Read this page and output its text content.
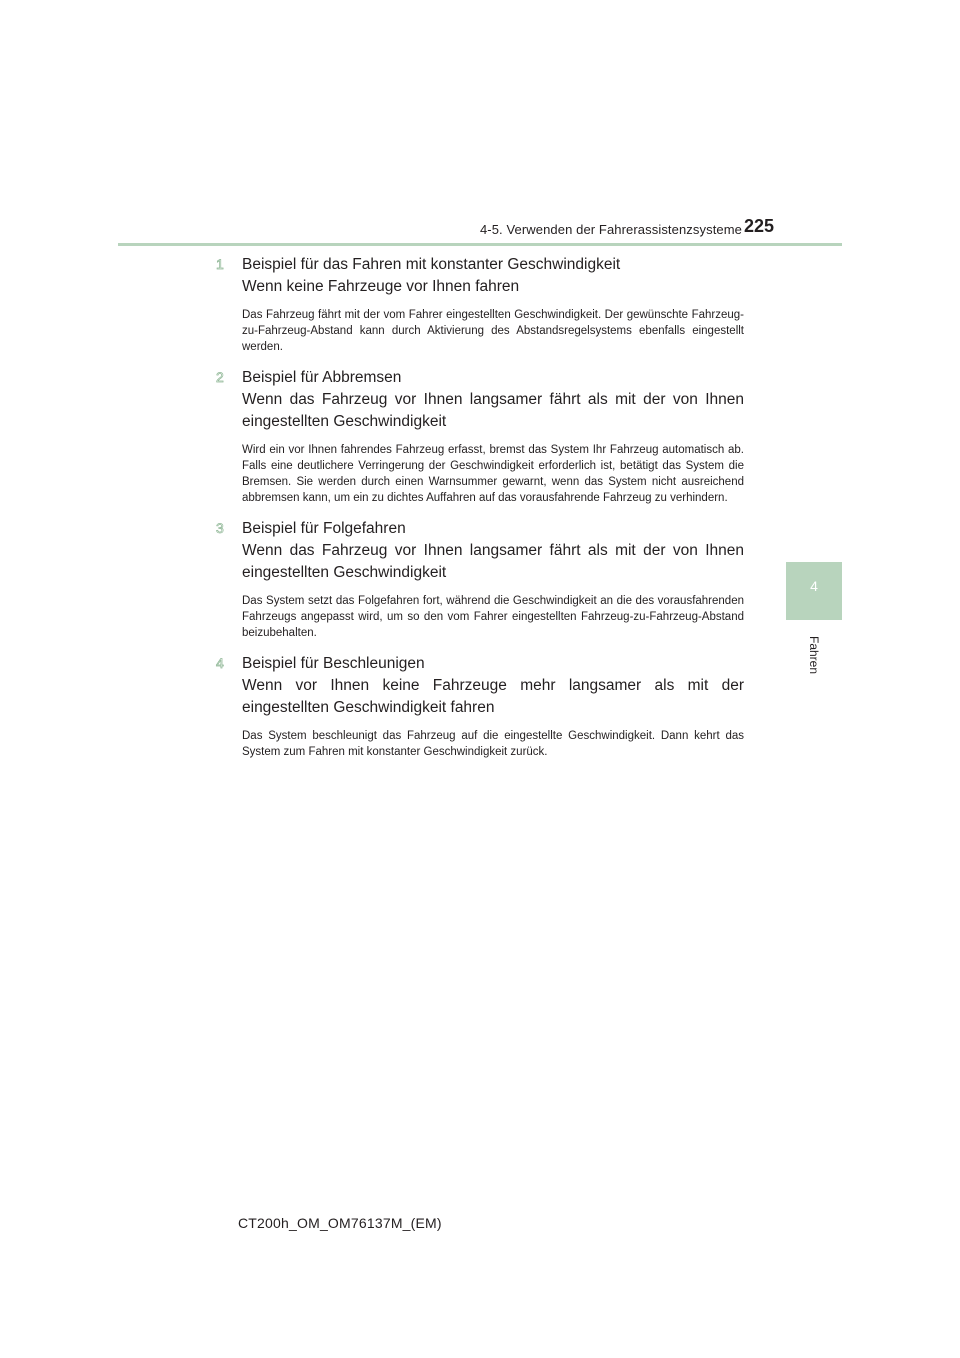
4-5. Verwenden der Fahrerassistenzsysteme 225
4
Fahren
1 Beispiel für das Fahren mit konstanter Geschwindigkeit
Wenn keine Fahrzeuge vor Ihnen fahren

Das Fahrzeug fährt mit der vom Fahrer eingestellten Geschwindigkeit. Der gewünschte Fahrzeug-zu-Fahrzeug-Abstand kann durch Aktivierung des Abstandsregelsystems ebenfalls eingestellt werden.

2 Beispiel für Abbremsen
Wenn das Fahrzeug vor Ihnen langsamer fährt als mit der von Ihnen eingestellten Geschwindigkeit

Wird ein vor Ihnen fahrendes Fahrzeug erfasst, bremst das System Ihr Fahrzeug automatisch ab. Falls eine deutlichere Verringerung der Geschwindigkeit erforderlich ist, betätigt das System die Bremsen. Sie werden durch einen Warnsummer gewarnt, wenn das System nicht ausreichend abbremsen kann, um ein zu dichtes Auffahren auf das vorausfahrende Fahrzeug zu verhindern.

3 Beispiel für Folgefahren
Wenn das Fahrzeug vor Ihnen langsamer fährt als mit der von Ihnen eingestellten Geschwindigkeit

Das System setzt das Folgefahren fort, während die Geschwindigkeit an die des vorausfahrenden Fahrzeugs angepasst wird, um so den vom Fahrer eingestellten Fahrzeug-zu-Fahrzeug-Abstand beizubehalten.

4 Beispiel für Beschleunigen
Wenn vor Ihnen keine Fahrzeuge mehr langsamer als mit der eingestellten Geschwindigkeit fahren

Das System beschleunigt das Fahrzeug auf die eingestellte Geschwindigkeit. Dann kehrt das System zum Fahren mit konstanter Geschwindigkeit zurück.

CT200h_OM_OM76137M_(EM)
